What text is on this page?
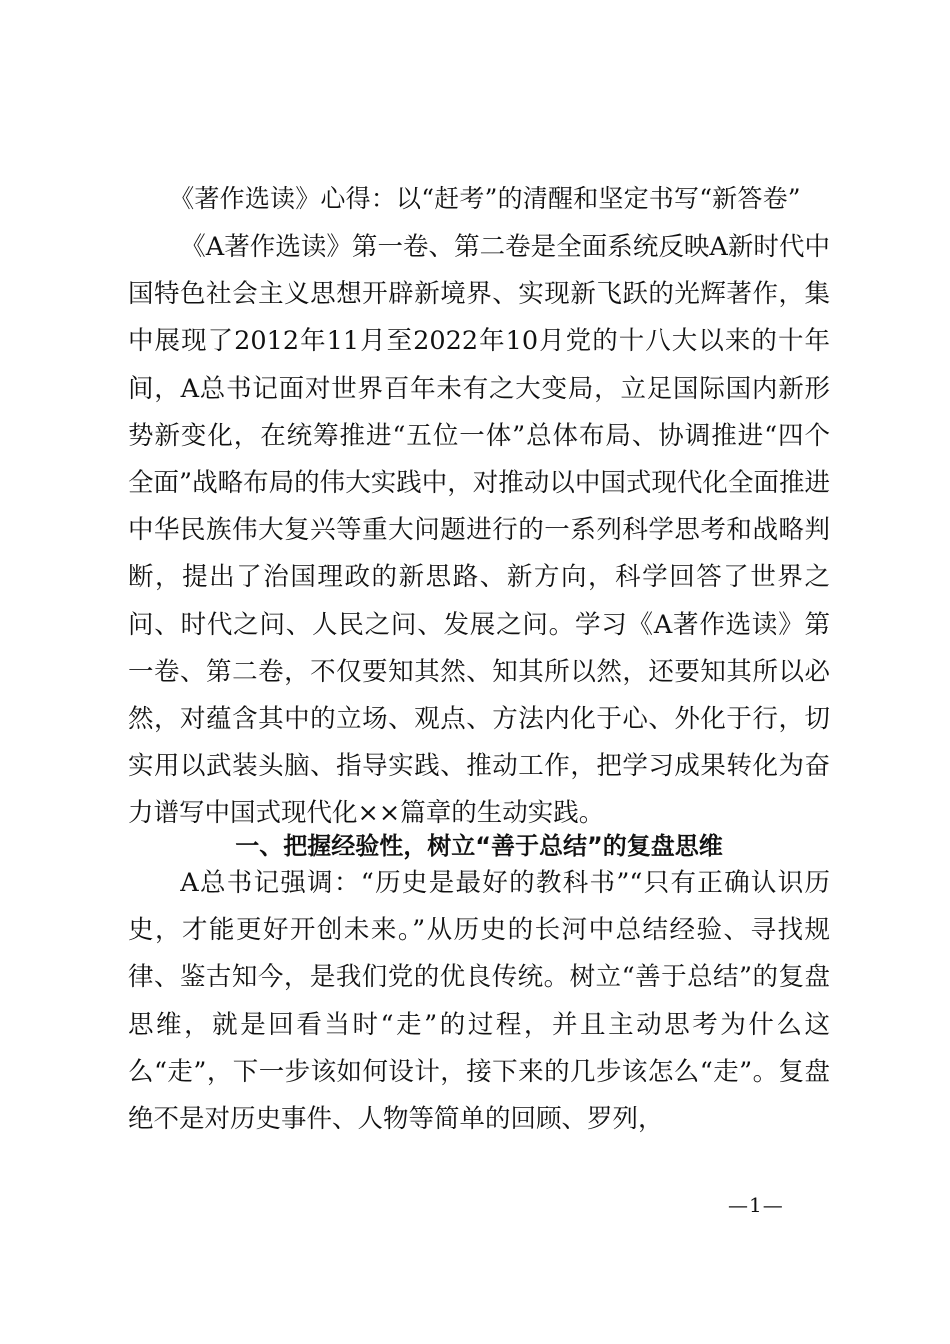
《著作选读》心得：以“赶考”的清醒和坚定书写“新答卷”

《A著作选读》第一卷、第二卷是全面系统反映A新时代中国特色社会主义思想开辟新境界、实现新飞跃的光辉著作，集中展现了2012年11月至2022年10月党的十八大以来的十年间，A总书记面对世界百年未有之大变局，立足国际国内新形势新变化，在统筹推进“五位一体”总体布局、协调推进“四个全面”战略布局的伟大实践中，对推动以中国式现代化全面推进中华民族伟大复兴等重大问题进行的一系列科学思考和战略判断，提出了治国理政的新思路、新方向，科学回答了世界之问、时代之问、人民之问、发展之问。学习《A著作选读》第一卷、第二卷，不仅要知其然、知其所以然，还要知其所以必然，对蕴含其中的立场、观点、方法内化于心、外化于行，切实用以武装头脑、指导实践、推动工作，把学习成果转化为奋力谱写中国式现代化××篇章的生动实践。

一、把握经验性，树立“善于总结”的复盘思维

A总书记强调：“历史是最好的教科书”“只有正确认识历史，才能更好开创未来。”从历史的长河中总结经验、寻找规律、鉴古知今，是我们党的优良传统。树立“善于总结”的复盘思维，就是回看当时“走”的过程，并且主动思考为什么这么“走”，下一步该如何设计，接下来的几步该怎么“走”。复盘绝不是对历史事件、人物等简单的回顾、罗列，

—1—
